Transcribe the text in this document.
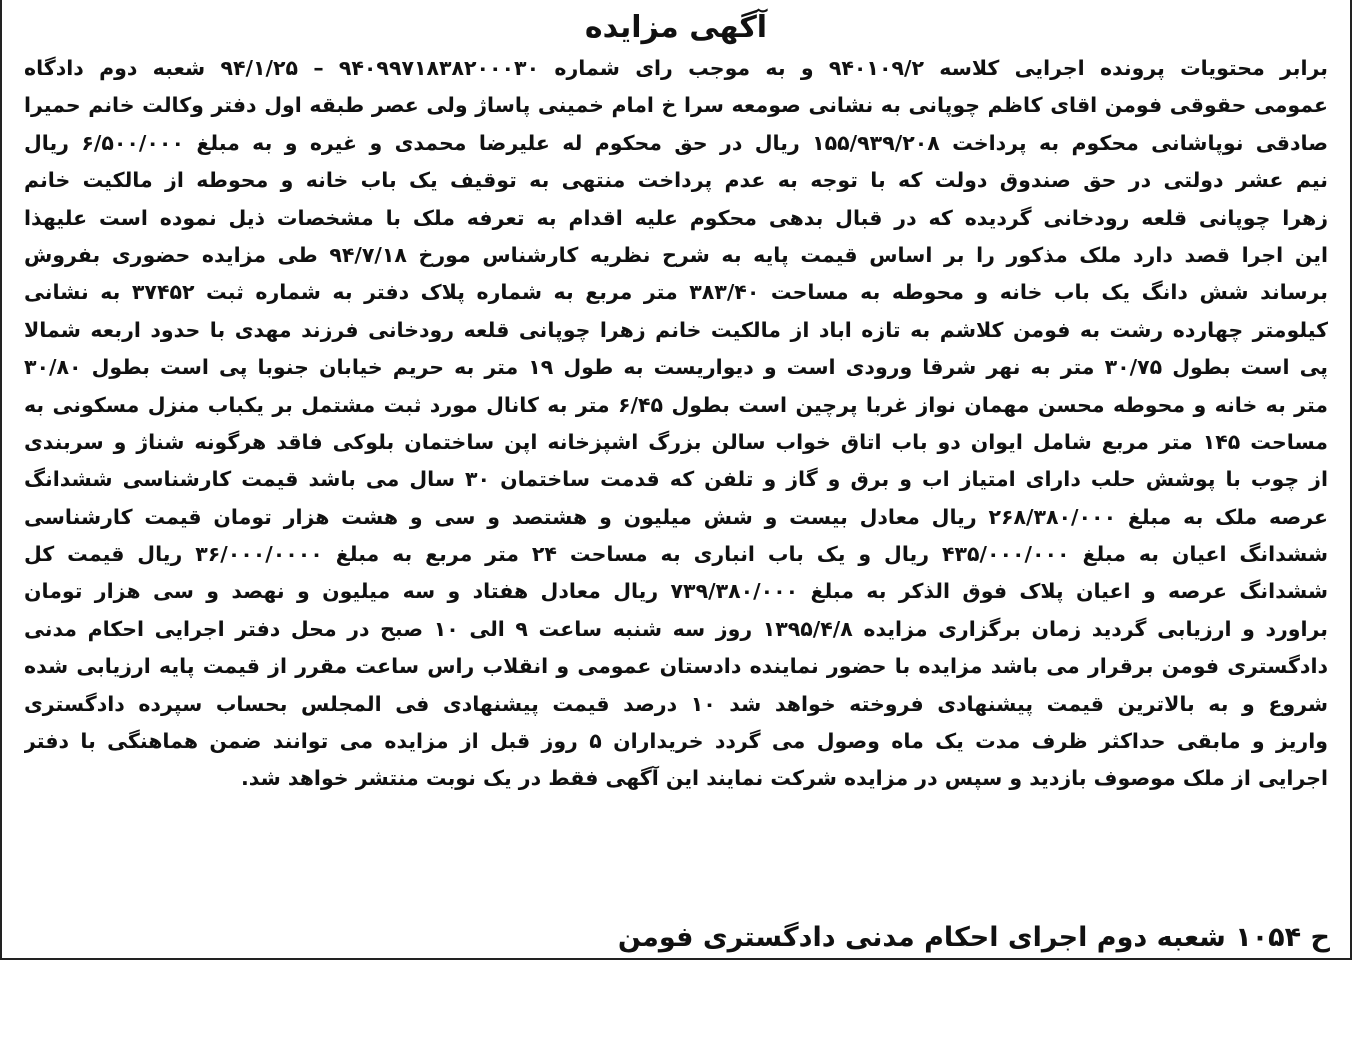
آگهی مزایده
برابر محتویات پرونده اجرایی کلاسه ۹۴۰۱۰۹/۲ و به موجب رای شماره ۹۴۰۹۹۷۱۸۳۸۲۰۰۰۳۰ – ۹۴/۱/۲۵ شعبه دوم دادگاه
عمومی حقوقی فومن اقای کاظم چوپانی به نشانی صومعه سرا خ امام خمینی پاساژ ولی عصر طبقه اول دفتر وکالت خانم حمیرا
صادقی نوپاشانی محکوم به پرداخت ۱۵۵/۹۳۹/۲۰۸ ریال در حق محکوم له علیرضا محمدی و غیره و به مبلغ ۶/۵۰۰/۰۰۰ ریال
نیم عشر دولتی در حق صندوق دولت که با توجه به عدم پرداخت منتهی به توقیف یک باب خانه و محوطه از مالکیت خانم
زهرا چوپانی قلعه رودخانی گردیده که در قبال بدهی محکوم علیه اقدام به تعرفه ملک با مشخصات ذیل نموده است علیهذا
این اجرا قصد دارد ملک مذکور را بر اساس قیمت پایه به شرح نظریه کارشناس مورخ ۹۴/۷/۱۸ طی مزایده حضوری بفروش
برساند شش دانگ یک باب خانه و محوطه به مساحت ۳۸۳/۴۰ متر مربع به شماره پلاک دفتر به شماره ثبت ۳۷۴۵۲ به نشانی
کیلومتر چهارده رشت به فومن کلاشم به تازه اباد از مالکیت خانم زهرا چوپانی قلعه رودخانی فرزند مهدی با حدود اربعه شمالا
پی است بطول ۳۰/۷۵ متر به نهر شرقا ورودی است و دیواریست به طول ۱۹ متر به حریم خیابان جنوبا پی است بطول ۳۰/۸۰
متر به خانه و محوطه محسن مهمان نواز غربا پرچین است بطول ۶/۴۵ متر به کانال مورد ثبت مشتمل بر یکباب منزل مسکونی به
مساحت ۱۴۵ متر مربع شامل ایوان دو باب اتاق خواب سالن بزرگ اشپزخانه اپن ساختمان بلوکی فاقد هرگونه شناژ و سربندی
از چوب با پوشش حلب دارای امتیاز اب و برق و گاز و تلفن که قدمت ساختمان ۳۰ سال می باشد قیمت کارشناسی ششدانگ
عرصه ملک به مبلغ ۲۶۸/۳۸۰/۰۰۰ ریال معادل بیست و شش میلیون و هشتصد و سی و هشت هزار تومان قیمت کارشناسی
ششدانگ اعیان به مبلغ ۴۳۵/۰۰۰/۰۰۰ ریال و یک باب انباری به مساحت ۲۴ متر مربع به مبلغ ۳۶/۰۰۰/۰۰۰۰ ریال قیمت کل
ششدانگ عرصه و اعیان پلاک فوق الذکر به مبلغ ۷۳۹/۳۸۰/۰۰۰ ریال معادل هفتاد و سه میلیون و نهصد و سی هزار تومان
براورد و ارزیابی گردید زمان برگزاری مزایده ۱۳۹۵/۴/۸ روز سه شنبه ساعت ۹ الی ۱۰ صبح در محل دفتر اجرایی احکام مدنی
دادگستری فومن برقرار می باشد مزایده با حضور نماینده دادستان عمومی و انقلاب راس ساعت مقرر از قیمت پایه ارزیابی شده
شروع و به بالاترین قیمت پیشنهادی فروخته خواهد شد ۱۰ درصد قیمت پیشنهادی فی المجلس بحساب سپرده دادگستری
واریز و مابقی حداکثر ظرف مدت یک ماه وصول می گردد خریداران ۵ روز قبل از مزایده می توانند ضمن هماهنگی با دفتر
اجرایی از ملک موصوف بازدید و سپس در مزایده شرکت نمایند این آگهی فقط در یک نوبت منتشر خواهد شد.
ح ۱۰۵۴ شعبه دوم اجرای احکام مدنی دادگستری فومن
